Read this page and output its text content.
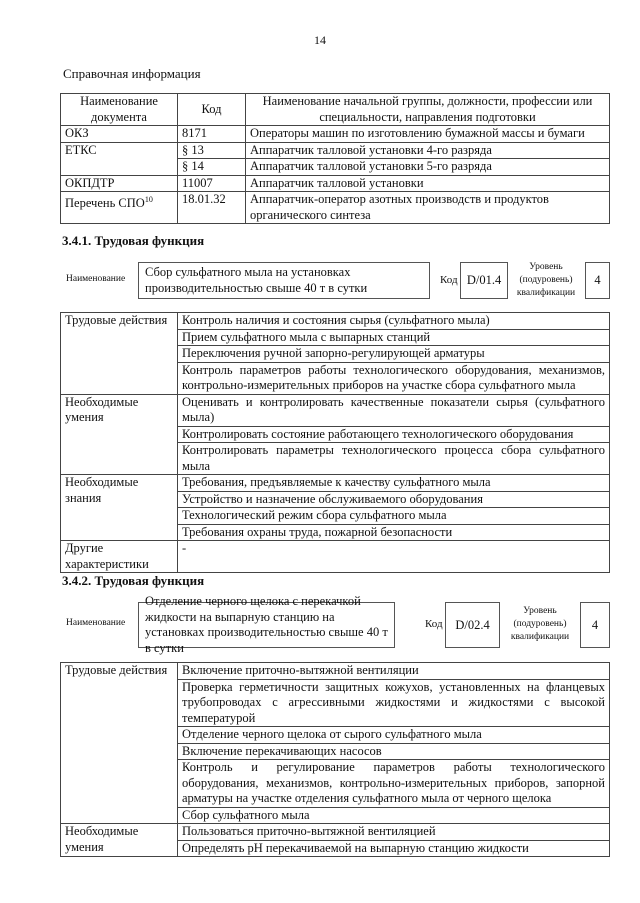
14
Справочная информация
Наименование документа	Код	Наименование начальной группы, должности, профессии или специальности, направления подготовки
ОКЗ	8171	Операторы машин по изготовлению бумажной массы и бумаги
ЕТКС	§ 13	Аппаратчик талловой установки 4-го разряда
	§ 14	Аппаратчик талловой установки 5-го разряда
ОКПДТР	11007	Аппаратчик талловой установки
Перечень СПО$^{10}$	18.01.32	Аппаратчик-оператор азотных производств и продуктов органического синтеза
3.4.1. Трудовая функция
Наименование	Сбор сульфатного мыла на установках производительностью свыше 40 т в сутки
Код D/01.4
Уровень (подуровень) квалификации
4
Трудовые действия	Контроль наличия и состояния сырья (сульфатного мыла)
	Прием сульфатного мыла с выпарных станций
	Переключения ручной запорно-регулирующей арматуры
	Контроль параметров работы технологического оборудования, механизмов, контрольно-измерительных приборов на участке сбора сульфатного мыла
Необходимые умения	Оценивать и контролировать качественные показатели сырья (сульфатного мыла)
	Контролировать состояние работающего технологического оборудования
	Контролировать параметры технологического процесса сбора сульфатного мыла
Необходимые знания	Требования, предъявляемые к качеству сульфатного мыла
	Устройство и назначение обслуживаемого оборудования
	Технологический режим сбора сульфатного мыла
	Требования охраны труда, пожарной безопасности
Другие характеристики	-
3.4.2. Трудовая функция
Наименование
Отделение черного щелока с перекачкой жидкости на выпарную станцию на установках производительностью свыше 40 т в сутки
Код	D/02.4
Уровень (подуровень) квалификации
4
Трудовые действия	Включение приточно-вытяжной вентиляции
	Проверка герметичности защитных кожухов, установленных на фланцевых трубопроводах с агрессивными жидкостями и жидкостями с высокой температурой
	Отделение черного щелока от сырого сульфатного мыла
	Включение перекачивающих насосов
	Контроль и регулирование параметров работы технологического оборудования, механизмов, контрольно-измерительных приборов, запорной арматуры на участке отделения сульфатного мыла от черного щелока
	Сбор сульфатного мыла
Необходимые умения	Пользоваться приточно-вытяжной вентиляцией
	Определять pH перекачиваемой на выпарную станцию жидкости
